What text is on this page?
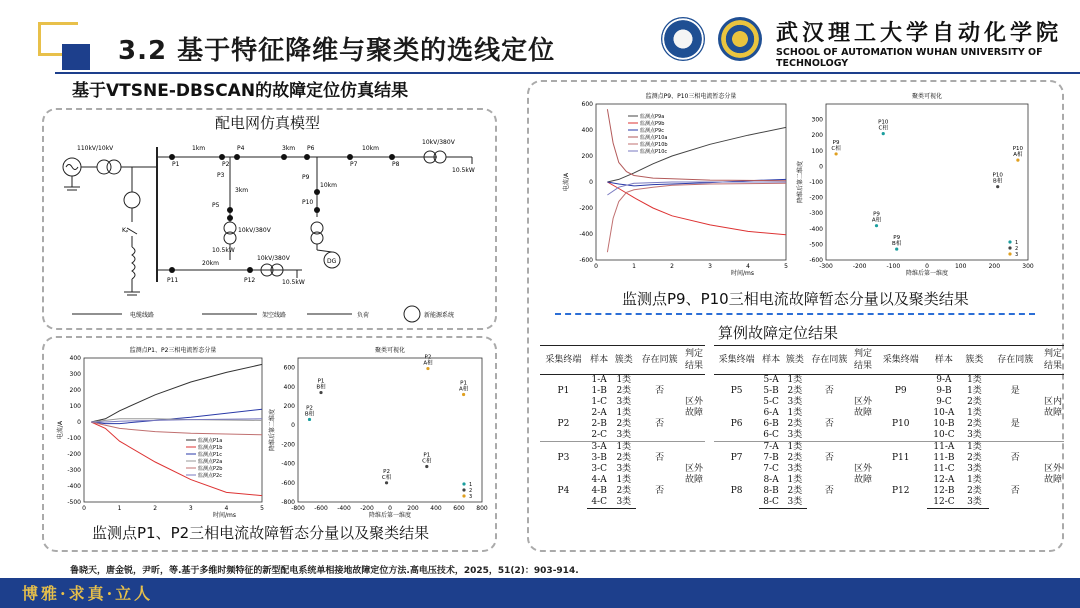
3.2 基于特征降维与聚类的选线定位
武汉理工大学自动化学院
SCHOOL OF AUTOMATION WUHAN UNIVERSITY OF TECHNOLOGY
基于VTSNE-DBSCAN的故障定位仿真结果
配电网仿真模型
110kV/10kV	1km	3km	10km
10kV/380V
10.5kW
3km
10km
10kV/380V
10.5kW
20km
10kV/380V
10.5kW
Kₚ
DG
P1	P2
P4
P3
P5
P6
P7	P8
P9
P10
P11	P12
电缆线路	架空线路	负荷	新能源系统
监测点P9、P10三相电流暂态分量
0	1	2	3	4	5
-600
-400
-200
0
200
400
600
时间/ms
电流/A
监测点P9a
监测点P9b
监测点P9c
监测点P10a
监测点P10b
监测点P10c
聚类可视化
-300	-200	-100	0	100	200	300
-600
-500
-400
-300
-200
-100
0
100
200
300
降维后第一维度
降维后第二维度
P9
C相
P10
C相
P9
A相
P9
B相
P10
B相
P10
A相
1
2
3
监测点P1、P2三相电流暂态分量
0	1	2	3	4	5
-500
-400
-300
-200
-100
0
100
200
300
400
时间/ms
电流/A
监测点P1a
监测点P1b
监测点P1c
监测点P2a
监测点P2b
监测点P2c
聚类可视化
-800 -600 -400 -200 0	200 400 600 800
-800
-600
-400
-200
0
200
400
600
降维后第一维度
降维后第二维度
P1
B相
P2
B相
P2
A相
P1
A相
P1
C相
P2
C相
1
2
3
监测点P9、P10三相电流故障暂态分量以及聚类结果
监测点P1、P2三相电流故障暂态分量以及聚类结果
算例故障定位结果
采集终端	样本	簇类	存在同簇	判定结果
P1	1-A	1类	否	区外故障
	1-B	2类		
	1-C	3类		
P2	2-A	1类	否	
	2-B	2类		
	2-C	3类		
P3	3-A	1类	否	区外故障
	3-B	2类		
	3-C	3类		
P4	4-A	1类	否	
	4-B	2类		
	4-C	3类		
采集终端	样本	簇类	存在同簇	判定结果
P5	5-A	1类	否	区外故障
	5-B	2类		
	5-C	3类		
P6	6-A	1类	否	
	6-B	2类		
	6-C	3类		
P7	7-A	1类	否	区外故障
	7-B	2类		
	7-C	3类		
P8	8-A	1类	否	
	8-B	2类		
	8-C	3类		
采集终端	样本	簇类	存在同簇	判定结果
P9	9-A	1类	是	区内故障
	9-B	1类		
	9-C	2类		
P10	10-A	1类	是	
	10-B	2类		
	10-C	3类		
P11	11-A	1类	否	区外故障
	11-B	2类		
	11-C	3类		
P12	12-A	1类	否	
	12-B	2类		
	12-C	3类		
鲁晓天，唐金锐，尹昕，等.基于多维时频特征的新型配电系统单相接地故障定位方法.高电压技术，2025，51(2)：903-914.
博雅·求真·立人
